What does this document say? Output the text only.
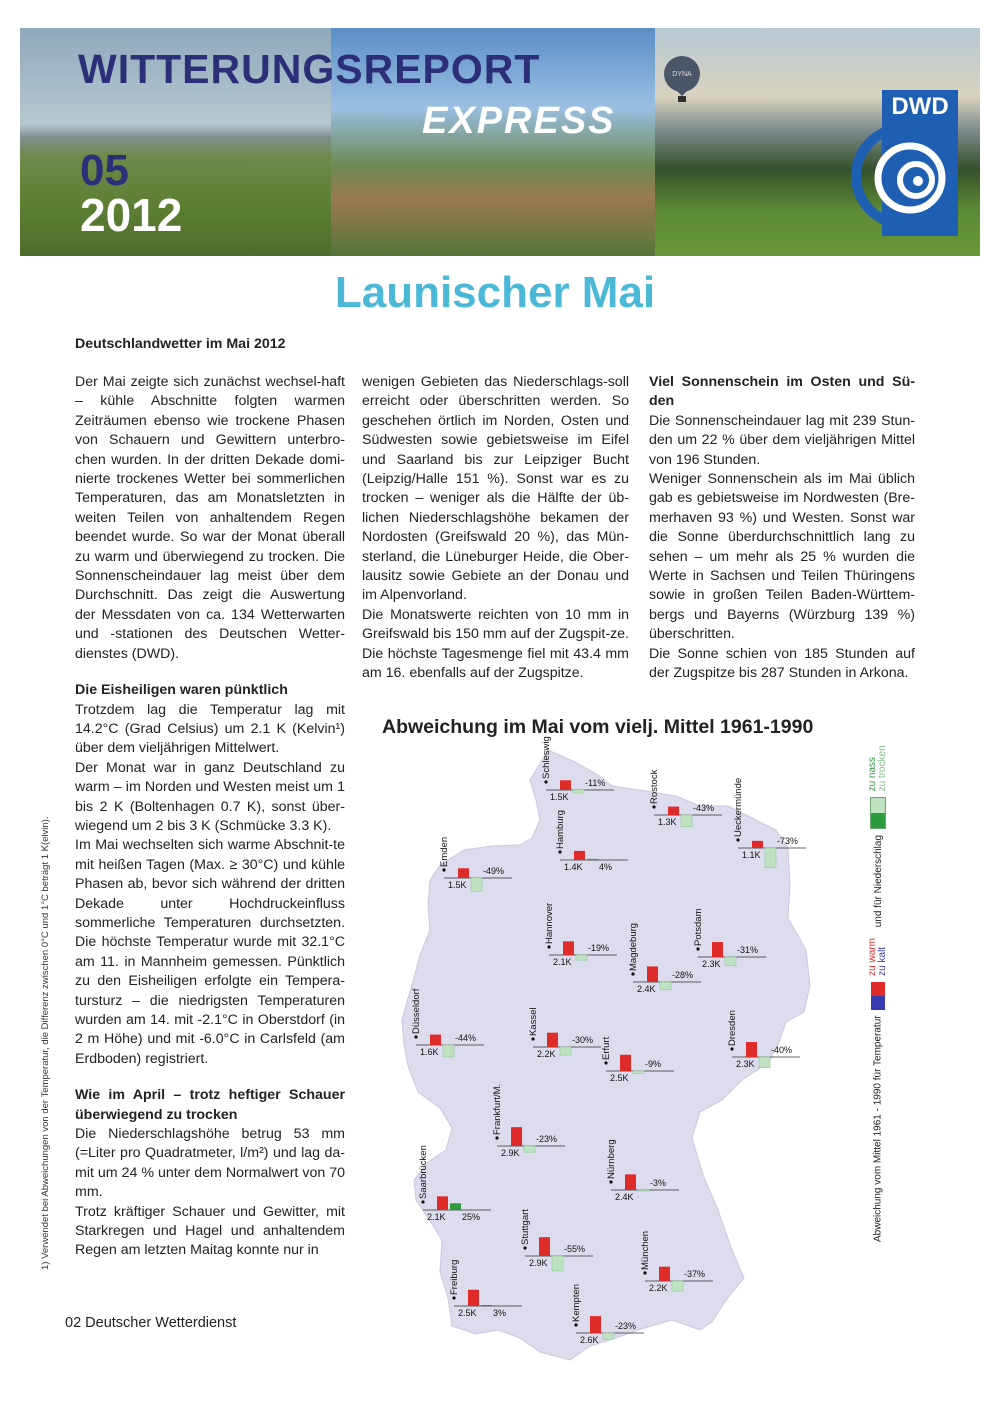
DYNA
WITTERUNGSREPORT
EXPRESS
05
2012
DWD
Launischer Mai
Deutschlandwetter im Mai 2012

Der Mai zeigte sich zunächst wechsel-haft – kühle Abschnitte folgten warmen Zeiträumen ebenso wie trockene Phasen von Schauern und Gewittern unterbro-chen wurden. In der dritten Dekade domi-nierte trockenes Wetter bei sommerlichen Temperaturen, das am Monatsletzten in weiten Teilen von anhaltendem Regen beendet wurde. So war der Monat überall zu warm und überwiegend zu trocken. Die Sonnenscheindauer lag meist über dem Durchschnitt. Das zeigt die Auswertung der Messdaten von ca. 134 Wetterwarten und -stationen des Deutschen Wetter-dienstes (DWD).

Die Eisheiligen waren pünktlich

Trotzdem lag die Temperatur lag mit 14.2°C (Grad Celsius) um 2.1 K (Kelvin¹) über dem vieljährigen Mittelwert.

Der Monat war in ganz Deutschland zu warm – im Norden und Westen meist um 1 bis 2 K (Boltenhagen 0.7 K), sonst über-wiegend um 2 bis 3 K (Schmücke 3.3 K).

Im Mai wechselten sich warme Abschnit-te mit heißen Tagen (Max. ≥ 30°C) und kühle Phasen ab, bevor sich während der dritten Dekade unter Hochdruckeinfluss sommerliche Temperaturen durchsetzten. Die höchste Temperatur wurde mit 32.1°C am 11. in Mannheim gemessen. Pünktlich zu den Eisheiligen erfolgte ein Tempera-tursturz – die niedrigsten Temperaturen wurden am 14. mit -2.1°C in Oberstdorf (in 2 m Höhe) und mit -6.0°C in Carlsfeld (am Erdboden) registriert.

Wie im April – trotz heftiger Schauer überwiegend zu trocken

Die Niederschlagshöhe betrug 53 mm (=Liter pro Quadratmeter, l/m²) und lag da-mit um 24 % unter dem Normalwert von 70 mm.

Trotz kräftiger Schauer und Gewitter, mit Starkregen und Hagel und anhaltendem Regen am letzten Maitag konnte nur in

wenigen Gebieten das Niederschlags-soll erreicht oder überschritten werden. So geschehen örtlich im Norden, Osten und Südwesten sowie gebietsweise im Eifel und Saarland bis zur Leipziger Bucht (Leipzig/Halle 151 %). Sonst war es zu trocken – weniger als die Hälfte der üb-lichen Niederschlagshöhe bekamen der Nordosten (Greifswald 20 %), das Mün-sterland, die Lüneburger Heide, die Ober-lausitz sowie Gebiete an der Donau und im Alpenvorland.

Die Monatswerte reichten von 10 mm in Greifswald bis 150 mm auf der Zugspit-ze. Die höchste Tagesmenge fiel mit 43.4 mm am 16. ebenfalls auf der Zugspitze.

Viel Sonnenschein im Osten und Sü-den

Die Sonnenscheindauer lag mit 239 Stun-den um 22 % über dem vieljährigen Mittel von 196 Stunden.

Weniger Sonnenschein als im Mai üblich gab es gebietsweise im Nordwesten (Bre-merhaven 93 %) und Westen. Sonst war die Sonne überdurchschnittlich lang zu sehen – um mehr als 25 % wurden die Werte in Sachsen und Teilen Thüringens sowie in großen Teilen Baden-Württem-bergs und Bayerns (Würzburg 139 %) überschritten.

Die Sonne schien von 185 Stunden auf der Zugspitze bis 287 Stunden in Arkona.

1) Verwendet bei Abweichungen von der Temperatur, die Differenz zwischen 0°C und 1°C beträgt 1 K(elvin).
Abweichung im Mai vom vielj. Mittel 1961-1990
1.5K
-11%
Schleswig
1.3K
-43%
Rostock
1.1K
-73%
Ueckermünde
1.4K 4%
Hamburg
1.5K
-49%
Emden
2.1K
-19%
Hannover
2.3K
-31%
Potsdam
2.4K
-28%
Magdeburg
1.6K
-44%
Düsseldorf
2.2K
-30%
Kassel
2.5K
-9%
Erfurt
2.3K
-40%
Dresden
2.9K
-23%
Frankfurt/M.
2.4K
-3%
Nürnberg
2.1K 25%
Saarbrücken
2.9K
-55%
Stuttgart
2.2K
-37%
München
2.5K 3%
Freiburg
2.6K
-23%
Kempten
Abweichung vom Mittel 1961 - 1990 für Temperatur
zu warm zu kalt
und für Niederschlag
zu nass zu trocken
02 Deutscher Wetterdienst
